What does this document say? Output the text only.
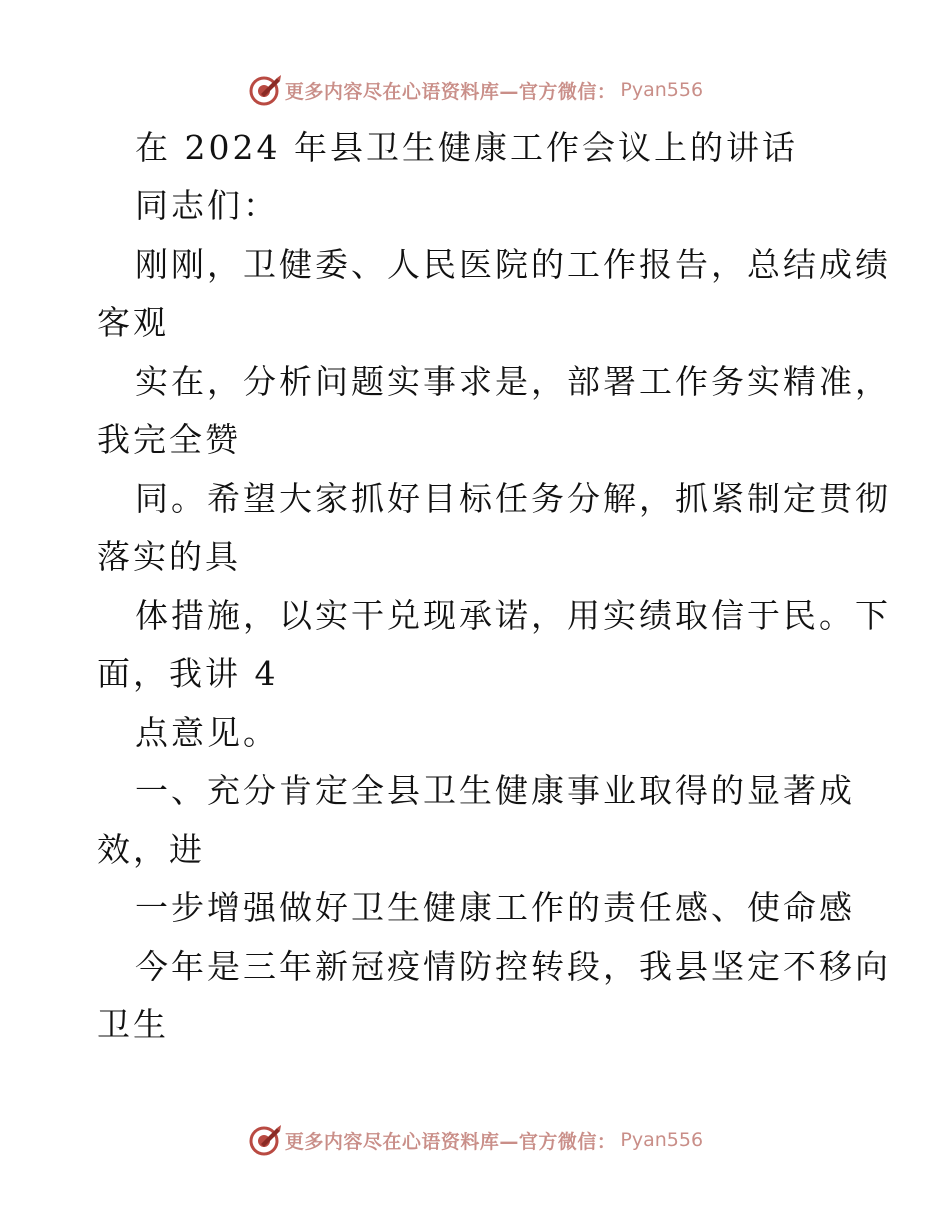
更多内容尽在心语资料库—官方微信： Pyan556
在 2024 年县卫生健康工作会议上的讲话
同志们：
刚刚，卫健委、人民医院的工作报告，总结成绩
客观
实在，分析问题实事求是，部署工作务实精准，
我完全赞
同。希望大家抓好目标任务分解，抓紧制定贯彻
落实的具
体措施，以实干兑现承诺，用实绩取信于民。下
面，我讲 4
点意见。
一、充分肯定全县卫生健康事业取得的显著成
效，进
一步增强做好卫生健康工作的责任感、使命感
今年是三年新冠疫情防控转段，我县坚定不移向
卫生
更多内容尽在心语资料库—官方微信： Pyan556
